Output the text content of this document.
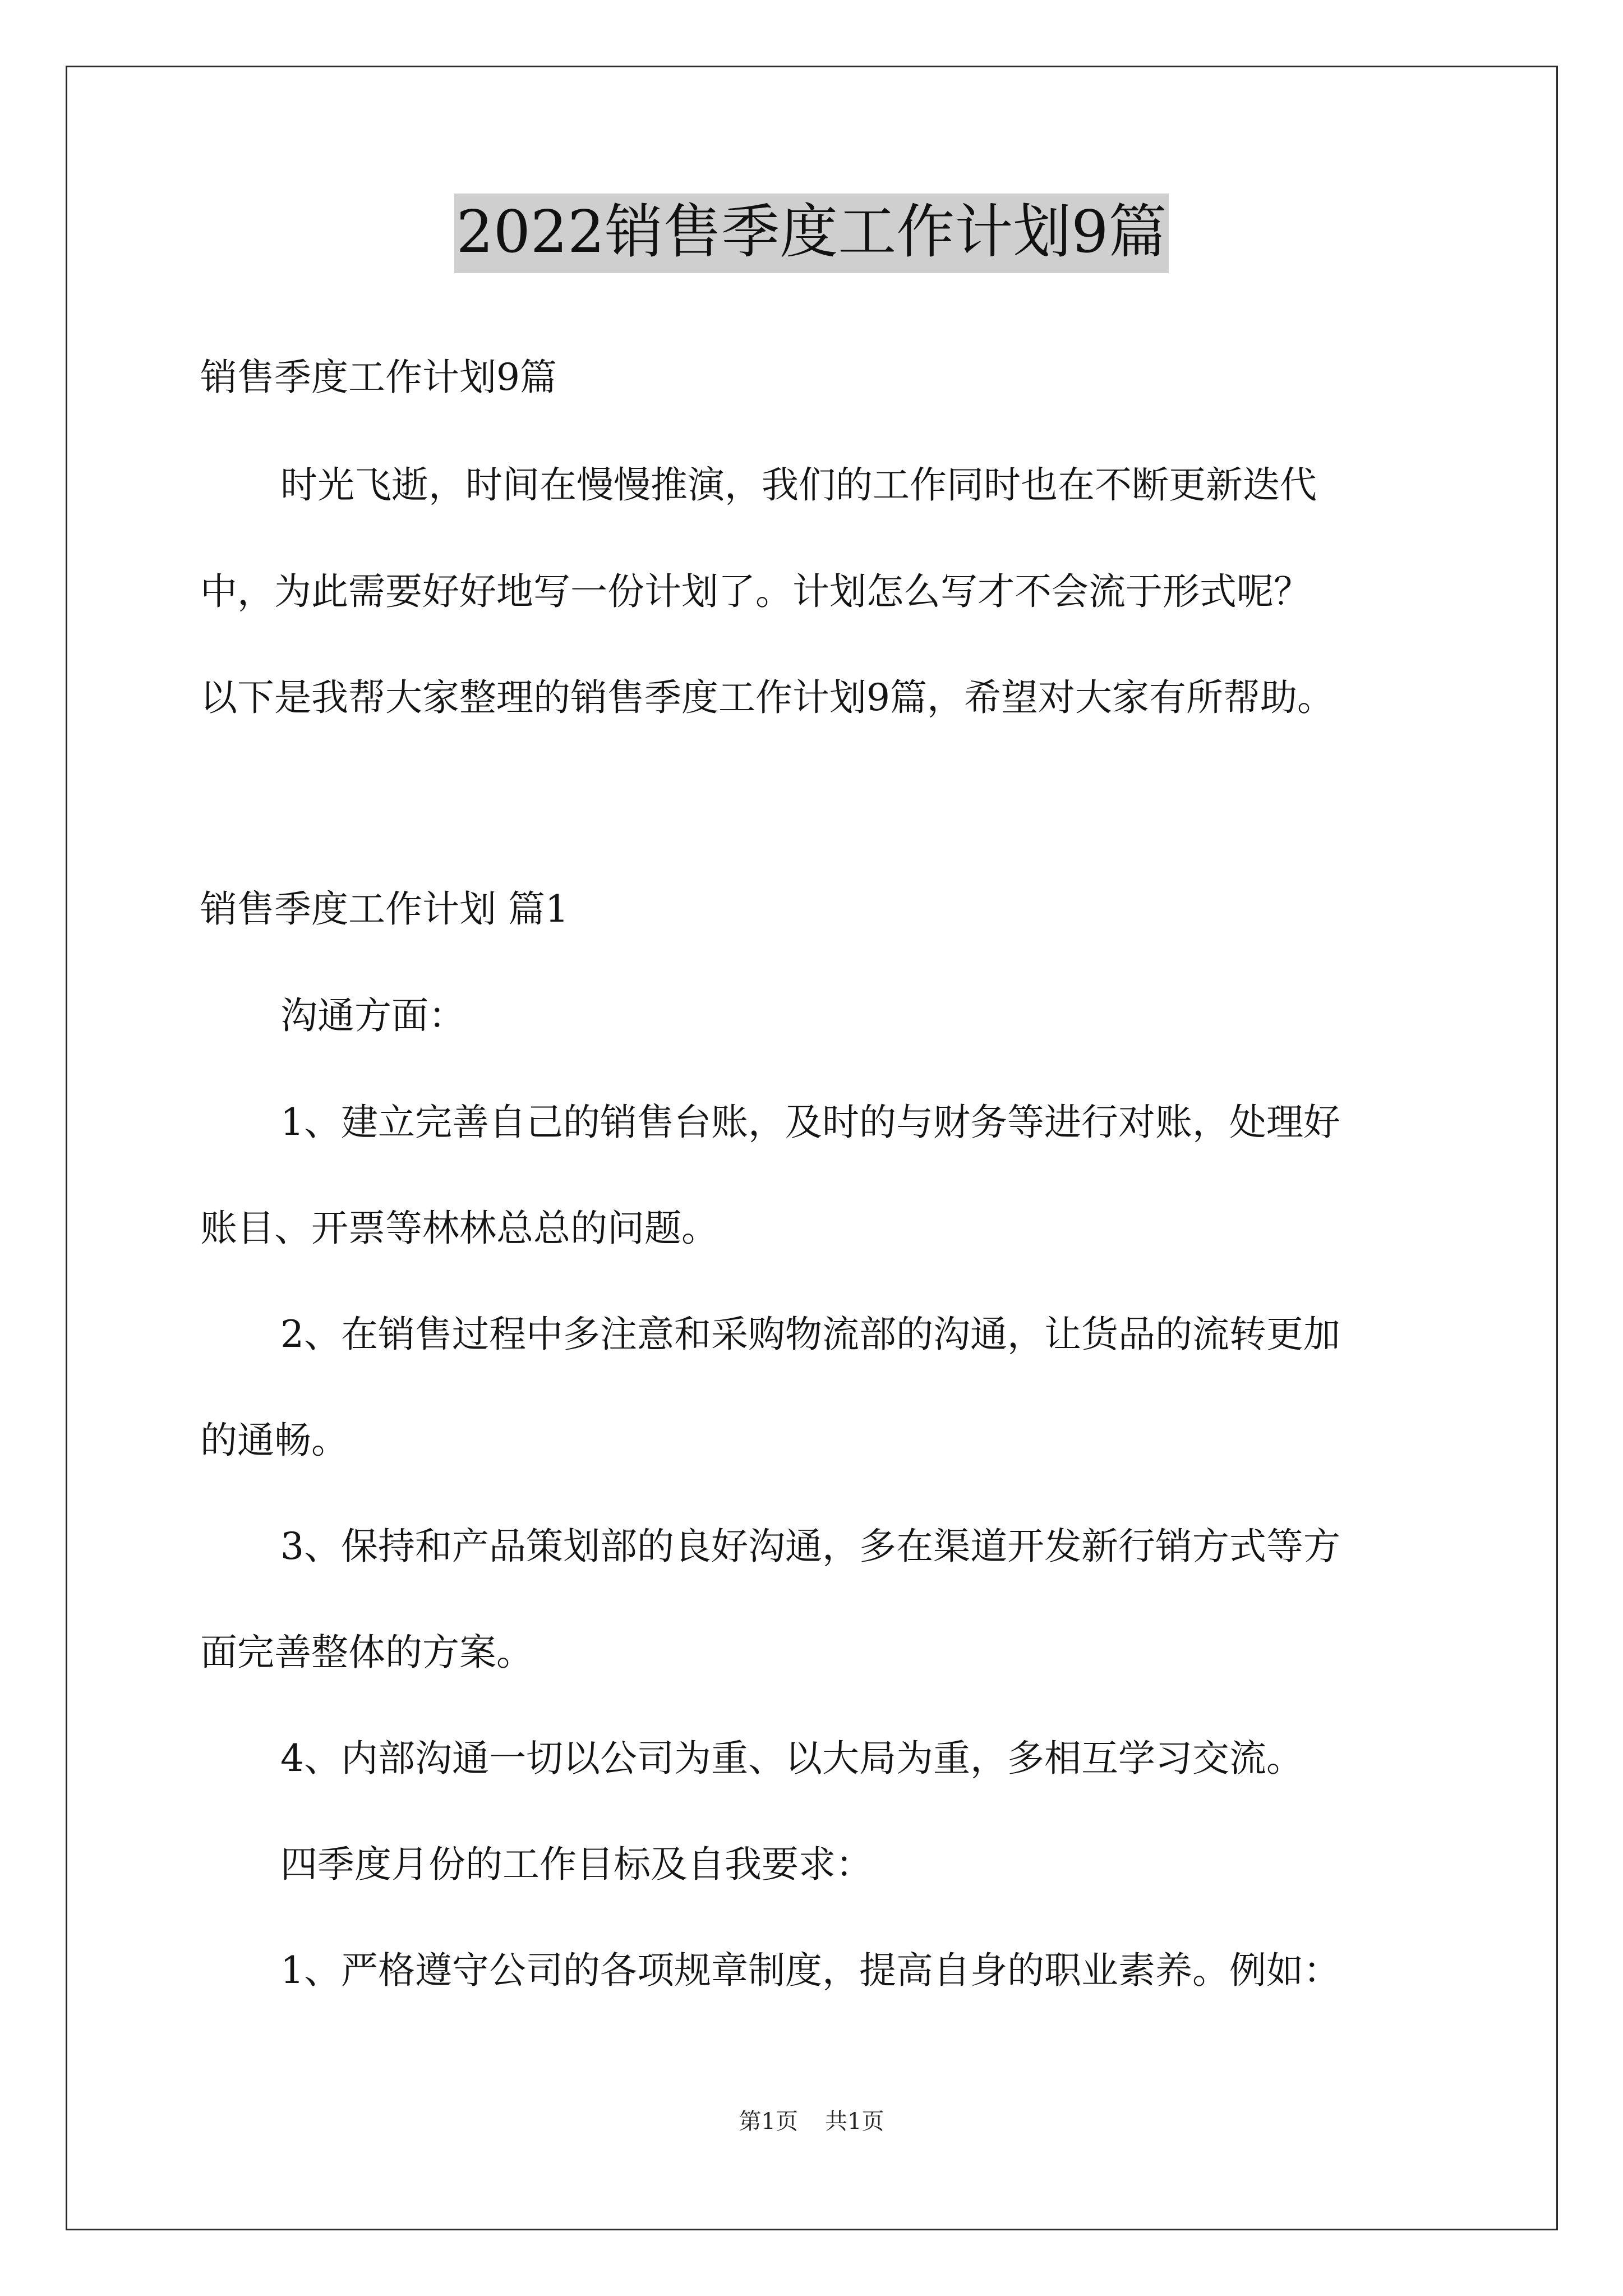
2022销售季度工作计划9篇

销售季度工作计划9篇

时光飞逝，时间在慢慢推演，我们的工作同时也在不断更新迭代

中，为此需要好好地写一份计划了。计划怎么写才不会流于形式呢？

以下是我帮大家整理的销售季度工作计划9篇，希望对大家有所帮助。

销售季度工作计划 篇1

沟通方面：

1、建立完善自己的销售台账，及时的与财务等进行对账，处理好

账目、开票等林林总总的问题。

2、在销售过程中多注意和采购物流部的沟通，让货品的流转更加

的通畅。

3、保持和产品策划部的良好沟通，多在渠道开发新行销方式等方

面完善整体的方案。

4、内部沟通一切以公司为重、以大局为重，多相互学习交流。

四季度月份的工作目标及自我要求：

1、严格遵守公司的各项规章制度，提高自身的职业素养。例如：

第1页 共1页
